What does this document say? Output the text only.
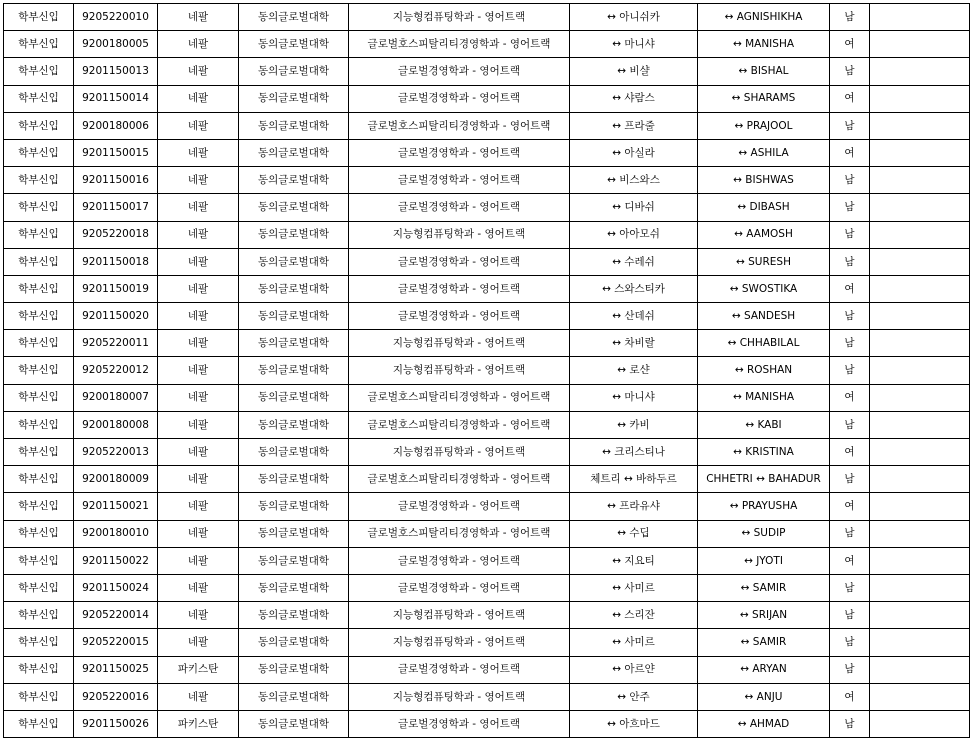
학부신입	9205220010	네팔	동의글로벌대학	지능형컴퓨팅학과 - 영어트랙	↔ 아니쉬카	↔ AGNISHIKHA	남	
학부신입	9200180005	네팔	동의글로벌대학	글로벌호스피탈리티경영학과 - 영어트랙	↔ 마니샤	↔ MANISHA	여	
학부신입	9201150013	네팔	동의글로벌대학	글로벌경영학과 - 영어트랙	↔ 비샬	↔ BISHAL	남	
학부신입	9201150014	네팔	동의글로벌대학	글로벌경영학과 - 영어트랙	↔ 샤람스	↔ SHARAMS	여	
학부신입	9200180006	네팔	동의글로벌대학	글로벌호스피탈리티경영학과 - 영어트랙	↔ 프라줄	↔ PRAJOOL	남	
학부신입	9201150015	네팔	동의글로벌대학	글로벌경영학과 - 영어트랙	↔ 아실라	↔ ASHILA	여	
학부신입	9201150016	네팔	동의글로벌대학	글로벌경영학과 - 영어트랙	↔ 비스와스	↔ BISHWAS	남	
학부신입	9201150017	네팔	동의글로벌대학	글로벌경영학과 - 영어트랙	↔ 디바쉬	↔ DIBASH	남	
학부신입	9205220018	네팔	동의글로벌대학	지능형컴퓨팅학과 - 영어트랙	↔ 아아모쉬	↔ AAMOSH	남	
학부신입	9201150018	네팔	동의글로벌대학	글로벌경영학과 - 영어트랙	↔ 수레쉬	↔ SURESH	남	
학부신입	9201150019	네팔	동의글로벌대학	글로벌경영학과 - 영어트랙	↔ 스와스티카	↔ SWOSTIKA	여	
학부신입	9201150020	네팔	동의글로벌대학	글로벌경영학과 - 영어트랙	↔ 산데쉬	↔ SANDESH	남	
학부신입	9205220011	네팔	동의글로벌대학	지능형컴퓨팅학과 - 영어트랙	↔ 차비랄	↔ CHHABILAL	남	
학부신입	9205220012	네팔	동의글로벌대학	지능형컴퓨팅학과 - 영어트랙	↔ 로샨	↔ ROSHAN	남	
학부신입	9200180007	네팔	동의글로벌대학	글로벌호스피탈리티경영학과 - 영어트랙	↔ 마니샤	↔ MANISHA	여	
학부신입	9200180008	네팔	동의글로벌대학	글로벌호스피탈리티경영학과 - 영어트랙	↔ 카비	↔ KABI	남	
학부신입	9205220013	네팔	동의글로벌대학	지능형컴퓨팅학과 - 영어트랙	↔ 크리스티나	↔ KRISTINA	여	
학부신입	9200180009	네팔	동의글로벌대학	글로벌호스피탈리티경영학과 - 영어트랙	체트리 ↔ 바하두르	CHHETRI ↔ BAHADUR	남	
학부신입	9201150021	네팔	동의글로벌대학	글로벌경영학과 - 영어트랙	↔ 프라유샤	↔ PRAYUSHA	여	
학부신입	9200180010	네팔	동의글로벌대학	글로벌호스피탈리티경영학과 - 영어트랙	↔ 수딥	↔ SUDIP	남	
학부신입	9201150022	네팔	동의글로벌대학	글로벌경영학과 - 영어트랙	↔ 지요티	↔ JYOTI	여	
학부신입	9201150024	네팔	동의글로벌대학	글로벌경영학과 - 영어트랙	↔ 사미르	↔ SAMIR	남	
학부신입	9205220014	네팔	동의글로벌대학	지능형컴퓨팅학과 - 영어트랙	↔ 스리잔	↔ SRIJAN	남	
학부신입	9205220015	네팔	동의글로벌대학	지능형컴퓨팅학과 - 영어트랙	↔ 사미르	↔ SAMIR	남	
학부신입	9201150025	파키스탄	동의글로벌대학	글로벌경영학과 - 영어트랙	↔ 아르얀	↔ ARYAN	남	
학부신입	9205220016	네팔	동의글로벌대학	지능형컴퓨팅학과 - 영어트랙	↔ 안주	↔ ANJU	여	
학부신입	9201150026	파키스탄	동의글로벌대학	글로벌경영학과 - 영어트랙	↔ 아흐마드	↔ AHMAD	남	
